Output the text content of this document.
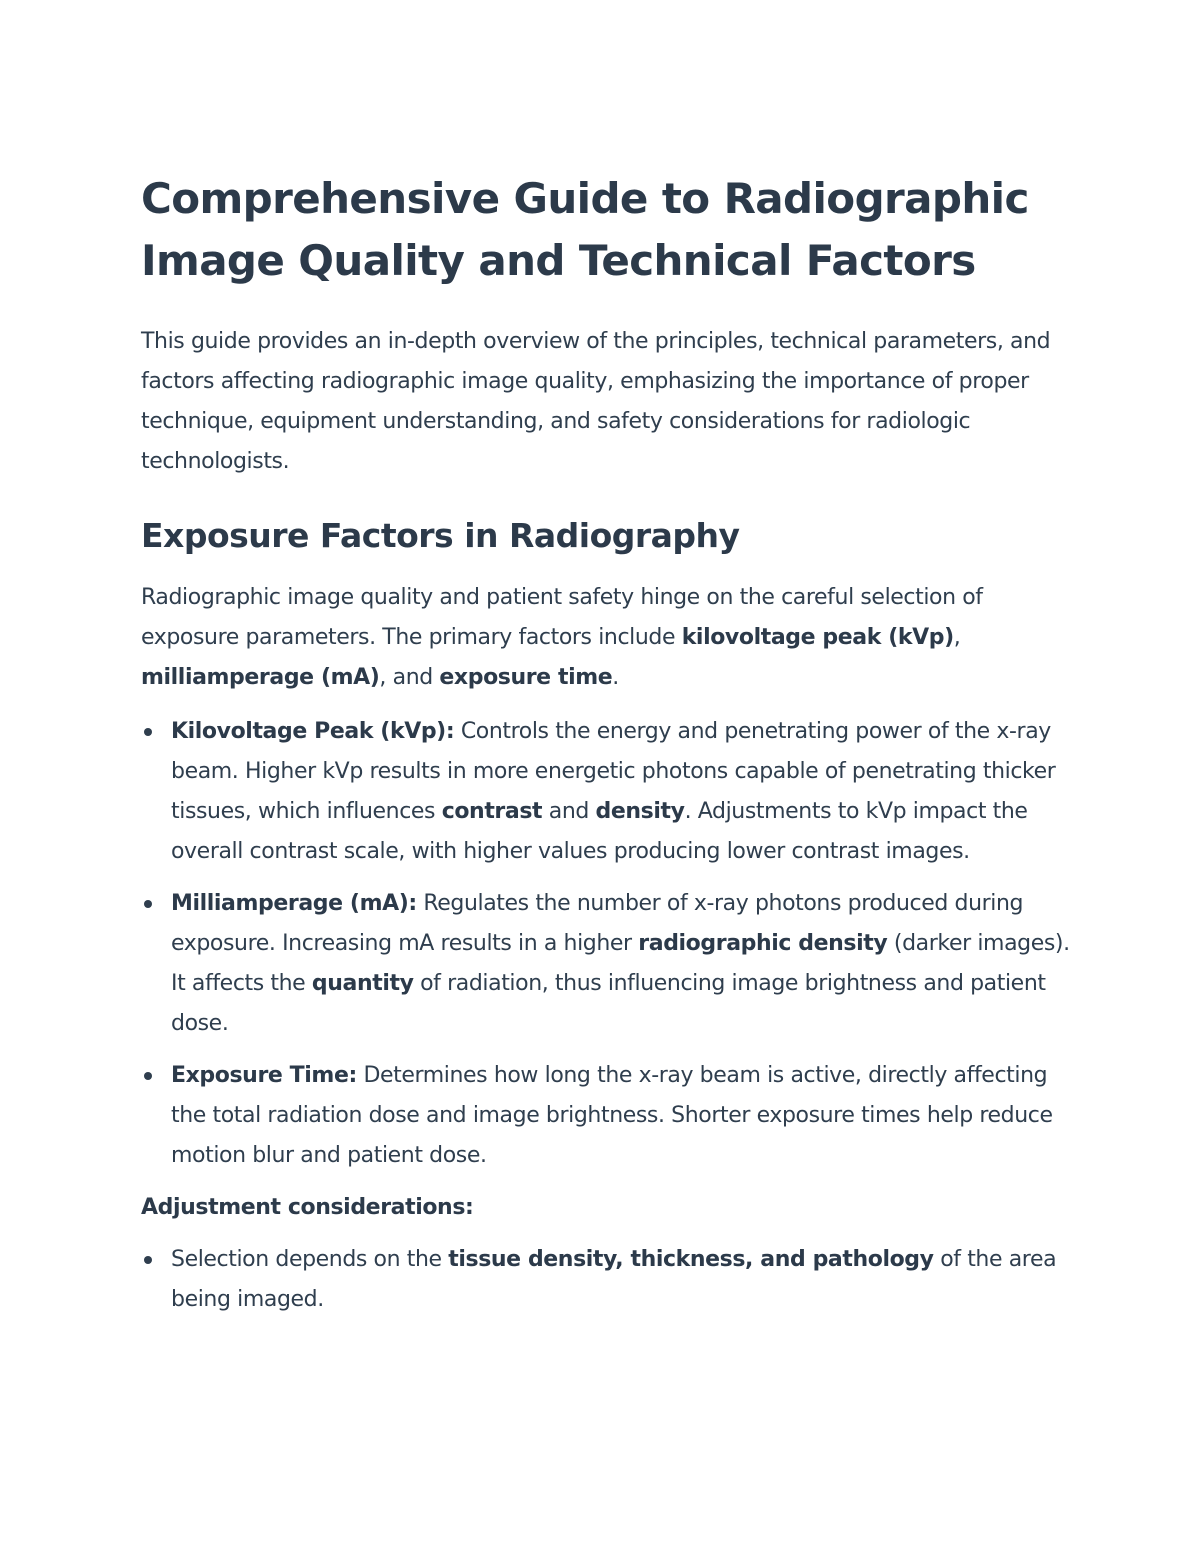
Comprehensive Guide to Radiographic Image Quality and Technical Factors

This guide provides an in-depth overview of the principles, technical parameters, and factors affecting radiographic image quality, emphasizing the importance of proper technique, equipment understanding, and safety considerations for radiologic technologists.

Exposure Factors in Radiography

Radiographic image quality and patient safety hinge on the careful selection of exposure parameters. The primary factors include kilovoltage peak (kVp), milliamperage (mA), and exposure time.

Kilovoltage Peak (kVp): Controls the energy and penetrating power of the x-ray beam. Higher kVp results in more energetic photons capable of penetrating thicker tissues, which influences contrast and density. Adjustments to kVp impact the overall contrast scale, with higher values producing lower contrast images.
Milliamperage (mA): Regulates the number of x-ray photons produced during exposure. Increasing mA results in a higher radiographic density (darker images). It affects the quantity of radiation, thus influencing image brightness and patient dose.
Exposure Time: Determines how long the x-ray beam is active, directly affecting the total radiation dose and image brightness. Shorter exposure times help reduce motion blur and patient dose.

Adjustment considerations:

Selection depends on the tissue density, thickness, and pathology of the area being imaged.
